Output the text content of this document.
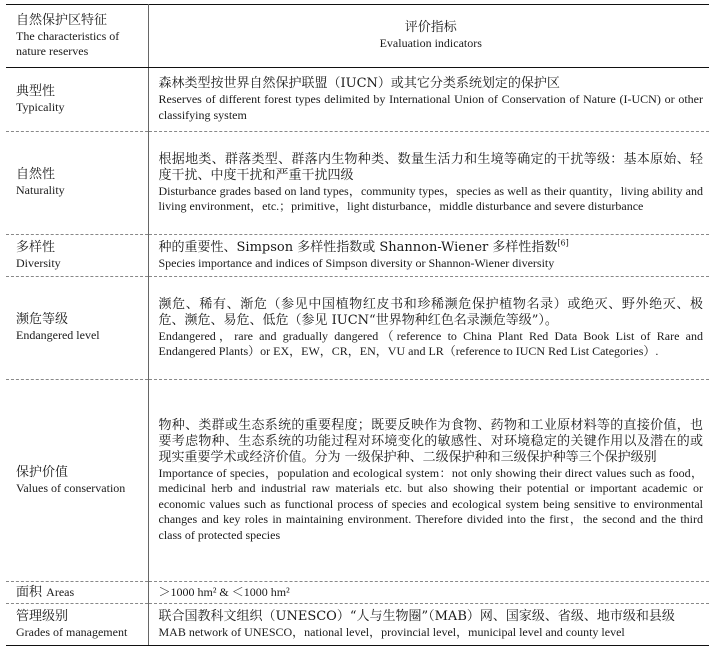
自然保护区特征
The characteristics of nature reserves	评价指标
Evaluation indicators

典型性
Typicality	森林类型按世界自然保护联盟（IUCN）或其它分类系统划定的保护区
Reserves of different forest types delimited by International Union of Conservation of Nature (I-UCN) or other classifying system

自然性
Naturality	根据地类、群落类型、群落内生物种类、数量生活力和生境等确定的干扰等级：基本原始、轻度干扰、中度干扰和严重干扰四级
Disturbance grades based on land types，community types，species as well as their quantity，living ability and living environment，etc.；primitive，light disturbance，middle disturbance and severe disturbance

多样性
Diversity	种的重要性、Simpson 多样性指数或 Shannon-Wiener 多样性指数[6]
Species importance and indices of Simpson diversity or Shannon-Wiener diversity

濒危等级
Endangered level	濒危、稀有、渐危（参见中国植物红皮书和珍稀濒危保护植物名录）或绝灭、野外绝灭、极危、濒危、易危、低危（参见 IUCN“世界物种红色名录濒危等级”）。
Endangered，rare and gradually dangered（reference to China Plant Red Data Book List of Rare and Endangered Plants）or EX，EW，CR，EN，VU and LR（reference to IUCN Red List Categories）.

保护价值
Values of conservation	物种、类群或生态系统的重要程度；既要反映作为食物、药物和工业原材料等的直接价值，也要考虑物种、生态系统的功能过程对环境变化的敏感性、对环境稳定的关键作用以及潜在的或现实重要学术或经济价值。分为 一级保护种、二级保护种和三级保护种等三个保护级别
Importance of species，population and ecological system：not only showing their direct values such as food，medicinal herb and industrial raw materials etc. but also showing their potential or important academic or economic values such as functional process of species and ecological system being sensitive to environmental changes and key roles in maintaining environment. Therefore divided into the first，the second and the third class of protected species

面积 Areas	＞1000 hm² & ＜1000 hm²

管理级别
Grades of management	联合国教科文组织（UNESCO）“人与生物圈”（MAB）网、国家级、省级、地市级和县级
MAB network of UNESCO，national level，provincial level，municipal level and county level
